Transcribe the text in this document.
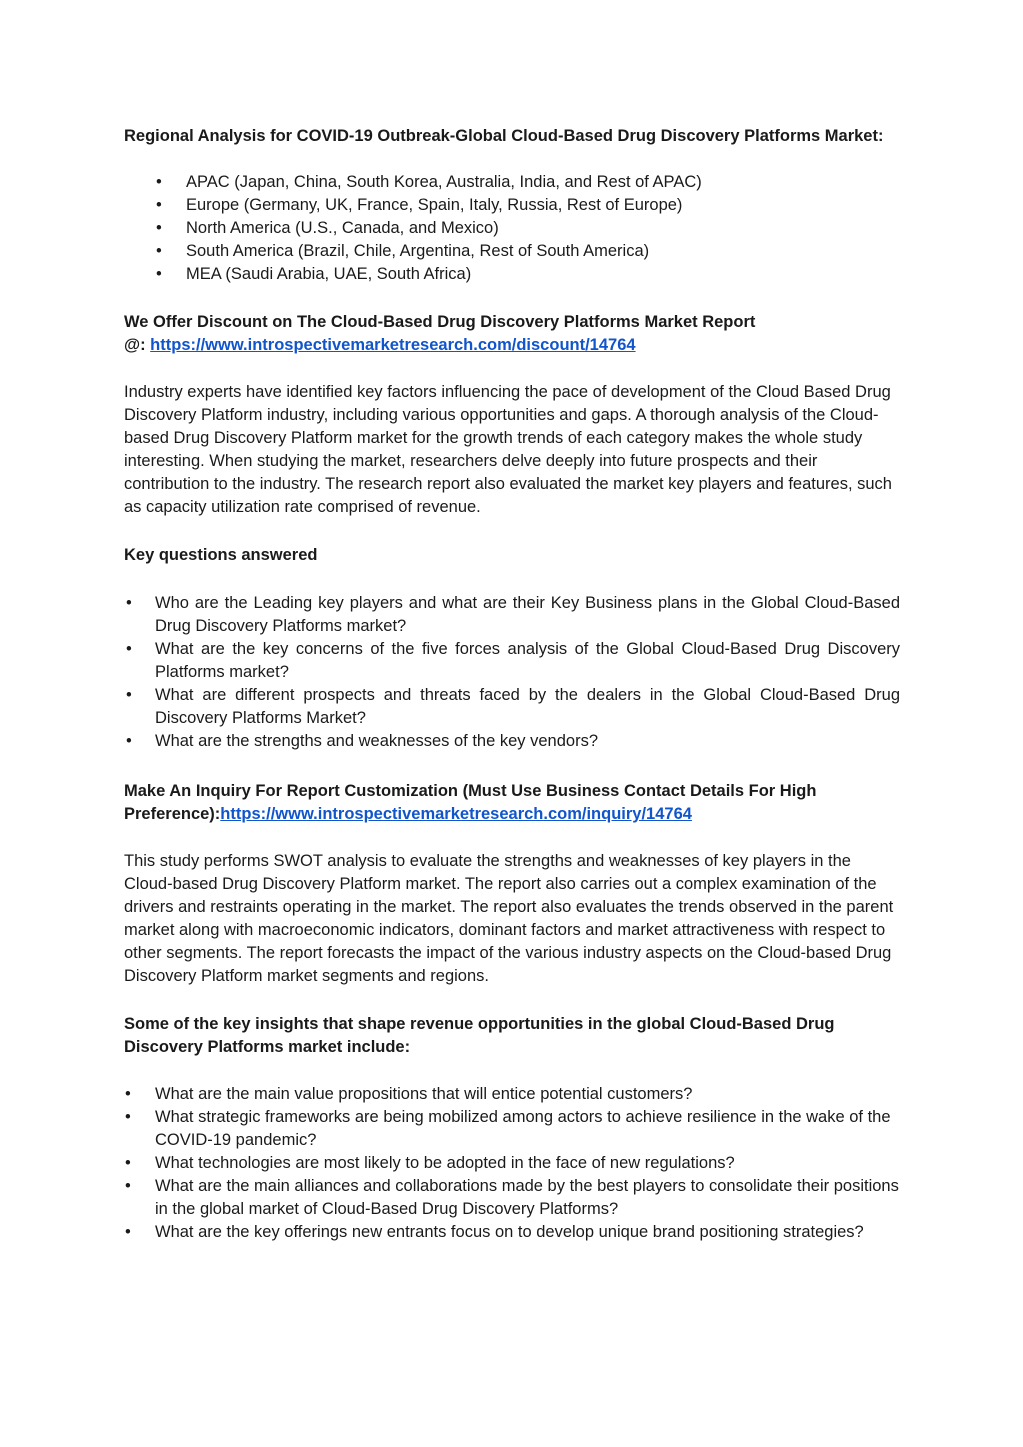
Regional Analysis for COVID-19 Outbreak-Global Cloud-Based Drug Discovery Platforms Market:
• APAC (Japan, China, South Korea, Australia, India, and Rest of APAC)
• Europe (Germany, UK, France, Spain, Italy, Russia, Rest of Europe)
• North America (U.S., Canada, and Mexico)
• South America (Brazil, Chile, Argentina, Rest of South America)
• MEA (Saudi Arabia, UAE, South Africa)
We Offer Discount on The Cloud-Based Drug Discovery Platforms Market Report
@: https://www.introspectivemarketresearch.com/discount/14764

Industry experts have identified key factors influencing the pace of development of the Cloud Based Drug Discovery Platform industry, including various opportunities and gaps. A thorough analysis of the Cloud-based Drug Discovery Platform market for the growth trends of each category makes the whole study interesting. When studying the market, researchers delve deeply into future prospects and their contribution to the industry. The research report also evaluated the market key players and features, such as capacity utilization rate comprised of revenue.

Key questions answered
• Who are the Leading key players and what are their Key Business plans in the Global Cloud-Based Drug Discovery Platforms market?
• What are the key concerns of the five forces analysis of the Global Cloud-Based Drug Discovery Platforms market?
• What are different prospects and threats faced by the dealers in the Global Cloud-Based Drug Discovery Platforms Market?
• What are the strengths and weaknesses of the key vendors?
Make An Inquiry For Report Customization (Must Use Business Contact Details For High Preference):https://www.introspectivemarketresearch.com/inquiry/14764

This study performs SWOT analysis to evaluate the strengths and weaknesses of key players in the Cloud-based Drug Discovery Platform market. The report also carries out a complex examination of the drivers and restraints operating in the market. The report also evaluates the trends observed in the parent market along with macroeconomic indicators, dominant factors and market attractiveness with respect to other segments. The report forecasts the impact of the various industry aspects on the Cloud-based Drug Discovery Platform market segments and regions.

Some of the key insights that shape revenue opportunities in the global Cloud-Based Drug Discovery Platforms market include:
• What are the main value propositions that will entice potential customers?
• What strategic frameworks are being mobilized among actors to achieve resilience in the wake of the COVID-19 pandemic?
• What technologies are most likely to be adopted in the face of new regulations?
• What are the main alliances and collaborations made by the best players to consolidate their positions in the global market of Cloud-Based Drug Discovery Platforms?
• What are the key offerings new entrants focus on to develop unique brand positioning strategies?
